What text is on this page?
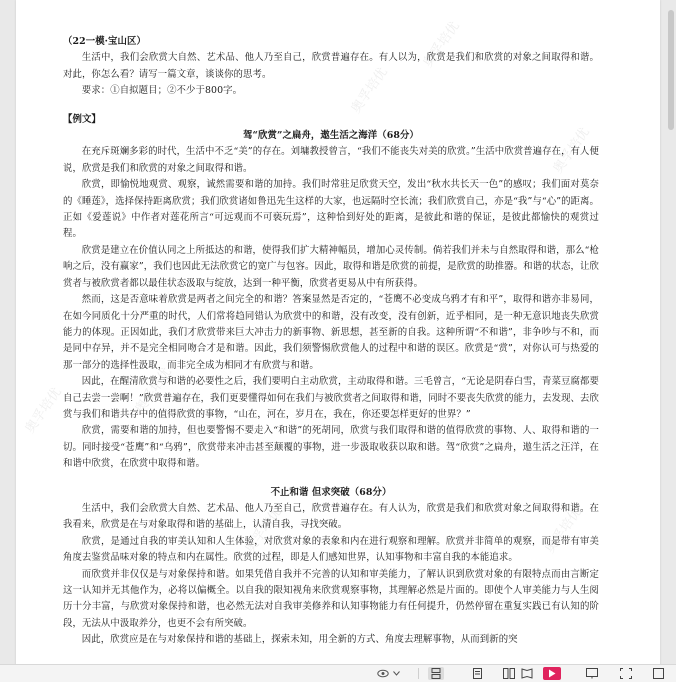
奥孚培优
奥孚培优
奥孚培优
奥孚培优
奥孚培优
奥孚培优	奥孚培优

（22一模·宝山区）

生活中，我们会欣赏大自然、艺术品、他人乃至自己，欣赏普遍存在。有人以为，欣赏是我们和欣赏的对象之间取得和谐。对此，你怎么看？请写一篇文章，谈谈你的思考。

要求：①自拟题目；②不少于800字。

【例文】

驾“欣赏”之扁舟，遨生活之海洋（68分）

在充斥斑斓多彩的时代，生活中不乏“美”的存在。刘墉教授曾言，“我们不能丧失对美的欣赏。”生活中欣赏普遍存在，有人便说，欣赏是我们和欣赏的对象之间取得和谐。

欣赏，即愉悦地观赏、观察，诚然需要和谐的加持。我们时常驻足欣赏天空，发出“秋水共长天一色”的感叹；我们面对莫奈的《睡莲》，选择保持距离欣赏；我们欣赏诸如鲁迅先生这样的大家，也远隔时空长流；我们欣赏自己，亦是“我”与“心”的距离。正如《爱莲说》中作者对莲花所言“可远观而不可亵玩焉”，这种恰到好处的距离，是彼此和谐的保证，是彼此都愉快的观赏过程。

欣赏是建立在价值认同之上所抵达的和谐，使得我们扩大精神幅员，增加心灵传制。倘若我们并未与自然取得和谐，那么“枪响之后，没有赢家”，我们也因此无法欣赏它的宽广与包容。因此，取得和谐是欣赏的前提，是欣赏的助推器。和谐的状态，让欣赏者与被欣赏者都以最佳状态汲取与绽放，达到一种平衡，欣赏者更易从中有所获得。

然而，这是否意味着欣赏是两者之间完全的和谐？答案显然是否定的，“苍鹰不必变成乌鸦才有和平”，取得和谐亦非易同，在如今同质化十分严重的时代，人们常将趋同错认为欣赏中的和谐，没有改变，没有创新，近乎相同，是一种无意识地丧失欣赏能力的体现。正因如此，我们才欣赏带来巨大冲击力的新事物、新思想，甚至新的自我。这种所谓“不和谐”，非争吵与不和，而是同中存异，并不是完全相同吻合才是和谐。因此，我们须警惕欣赏他人的过程中和谐的误区。欣赏是“赏”，对你认可与热爱的那一部分的选择性汲取，而非完全成为相同才有欣赏与和谐。

因此，在醒清欣赏与和谐的必要性之后，我们要明白主动欣赏，主动取得和谐。三毛曾言，“无论是阴春白雪，青菜豆腐都要自己去尝一尝啊！”欣赏普遍存在，我们更要懂得如何在我们与被欣赏者之间取得和谐，同时不要丧失欣赏的能力，去发现、去欣赏与我们和谐共存中的值得欣赏的事物，“山在，河在，岁月在，我在，你还要怎样更好的世界？”

欣赏，需要和谐的加持，但也要警惕不要走入“和谐”的死胡同，欣赏与我们取得和谐的值得欣赏的事物、人、取得和谐的一切。同时接受“苍鹰”和“乌鸦”，欣赏带来冲击甚至颠覆的事物，进一步汲取收获以取和谐。驾“欣赏”之扁舟，遨生活之汪洋，在和谐中欣赏，在欣赏中取得和谐。

不止和谐 但求突破（68分）

生活中，我们会欣赏大自然、艺术品、他人乃至自己，欣赏普遍存在。有人认为，欣赏是我们和欣赏对象之间取得和谐。在我看来，欣赏是在与对象取得和谐的基础上，认清自我，寻找突破。

欣赏，是通过自我的审美认知和人生体验，对欣赏对象的表象和内在进行观察和理解。欣赏并非简单的观察，而是带有审美角度去鉴赏品味对象的特点和内在属性。欣赏的过程，即是人们感知世界，认知事物和丰富自我的本能追求。

而欣赏并非仅仅是与对象保持和谐。如果凭借自我并不完善的认知和审美能力，了解认识到欣赏对象的有限特点而由言断定这一认知并无其他作为，必将以偏概全。以自我的限知视角来欣赏观察事物，其理解必然是片面的。即使个人审美能力与人生阅历十分丰富，与欣赏对象保持和谐，也必然无法对自我审美修养和认知事物能力有任何提升，仍然停留在重复实践已有认知的阶段，无法从中汲取养分，也更不会有所突破。

因此，欣赏应是在与对象保持和谐的基础上，探索未知，用全新的方式、角度去理解事物，从而到新的突
